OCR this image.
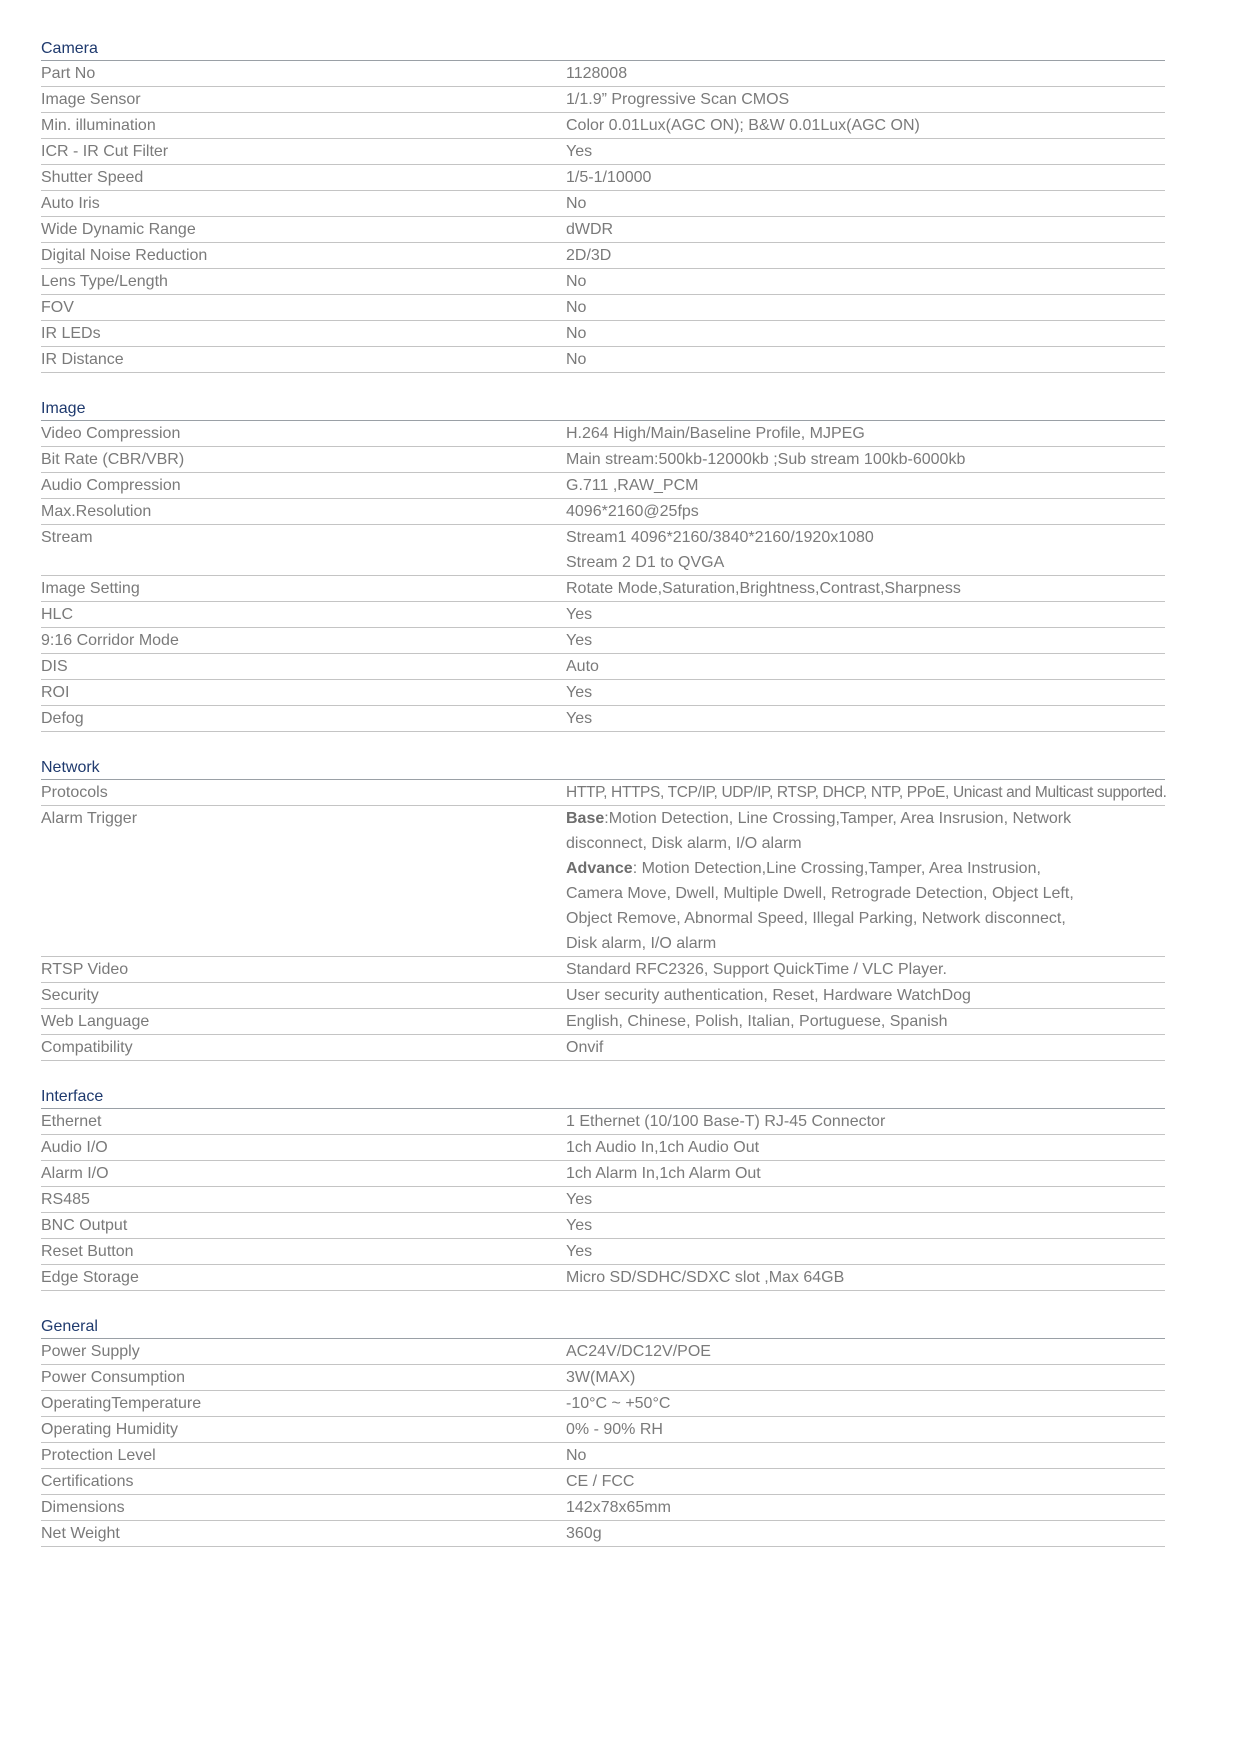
Camera
Part No	1128008
Image Sensor	1/1.9” Progressive Scan CMOS
Min. illumination	Color 0.01Lux(AGC ON); B&W 0.01Lux(AGC ON)
ICR - IR Cut Filter	Yes
Shutter Speed	1/5-1/10000
Auto Iris	No
Wide Dynamic Range	dWDR
Digital Noise Reduction	2D/3D
Lens Type/Length	No
FOV	No
IR LEDs	No
IR Distance	No
Image
Video Compression	H.264 High/Main/Baseline Profile, MJPEG
Bit Rate (CBR/VBR)	Main stream:500kb-12000kb ;Sub stream 100kb-6000kb
Audio Compression	G.711 ,RAW_PCM
Max.Resolution	4096*2160@25fps
Stream	Stream1 4096*2160/3840*2160/1920x1080
Stream 2 D1 to QVGA
Image Setting	Rotate Mode,Saturation,Brightness,Contrast,Sharpness
HLC	Yes
9:16 Corridor Mode	Yes
DIS	Auto
ROI	Yes
Defog	Yes
Network
Protocols	HTTP, HTTPS, TCP/IP, UDP/IP, RTSP, DHCP, NTP, PPoE, Unicast and Multicast supported.
Alarm Trigger	Base:Motion Detection, Line Crossing,Tamper, Area Insrusion, Network
disconnect, Disk alarm, I/O alarm
Advance: Motion Detection,Line Crossing,Tamper, Area Instrusion,
Camera Move, Dwell, Multiple Dwell, Retrograde Detection, Object Left,
Object Remove, Abnormal Speed, Illegal Parking, Network disconnect,
Disk alarm, I/O alarm
RTSP Video	Standard RFC2326, Support QuickTime / VLC Player.
Security	User security authentication, Reset, Hardware WatchDog
Web Language	English, Chinese, Polish, Italian, Portuguese, Spanish
Compatibility	Onvif
Interface
Ethernet	1 Ethernet (10/100 Base-T) RJ-45 Connector
Audio I/O	1ch Audio In,1ch Audio Out
Alarm I/O	1ch Alarm In,1ch Alarm Out
RS485	Yes
BNC Output	Yes
Reset Button	Yes
Edge Storage	Micro SD/SDHC/SDXC slot ,Max 64GB
General
Power Supply	AC24V/DC12V/POE
Power Consumption	3W(MAX)
OperatingTemperature	-10°C ~ +50°C
Operating Humidity	0% - 90% RH
Protection Level	No
Certifications	CE / FCC
Dimensions	142x78x65mm
Net Weight	360g
